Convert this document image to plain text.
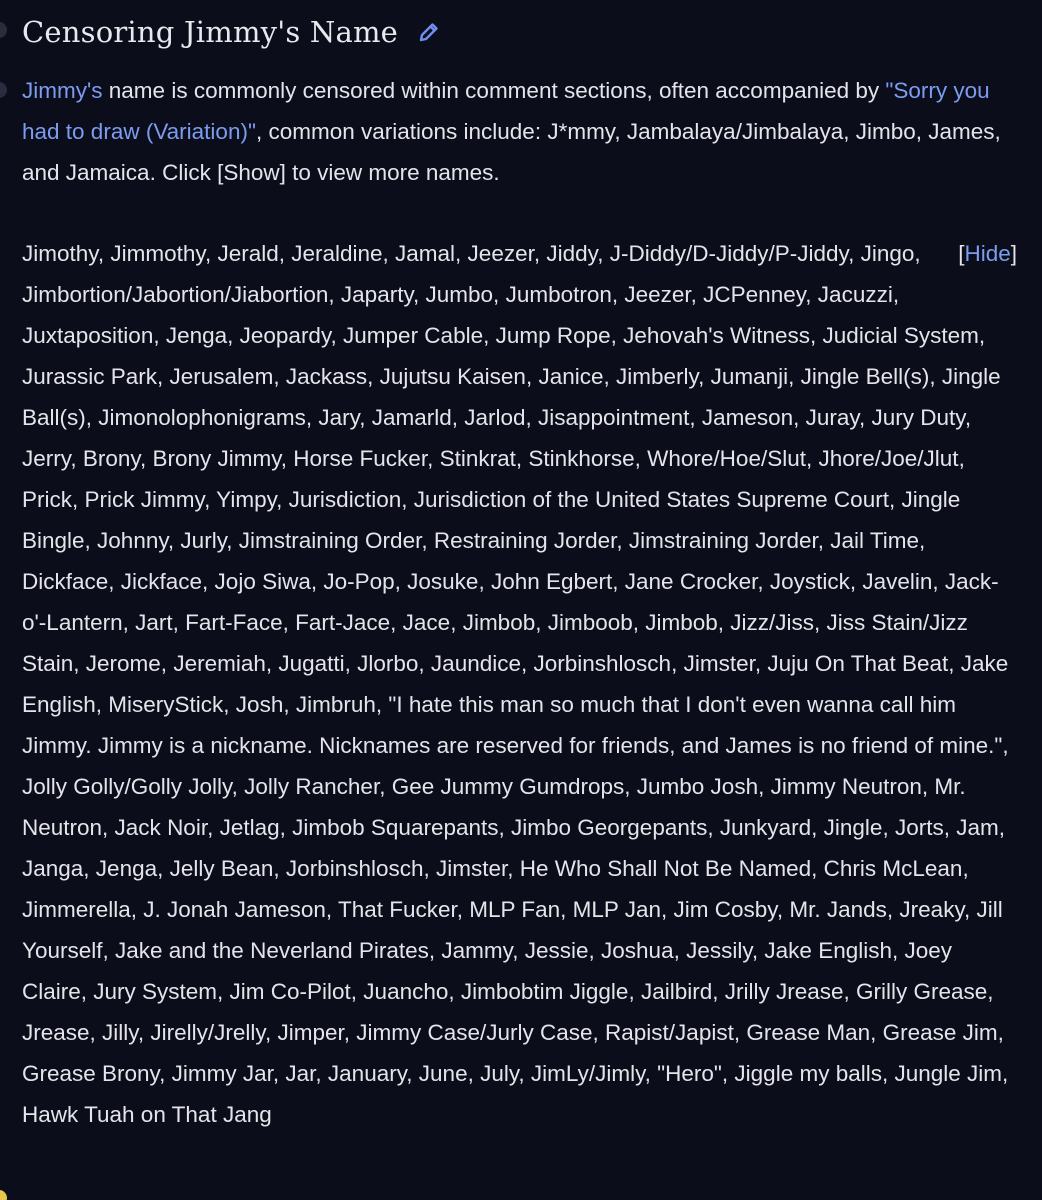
Censoring Jimmy's Name

Jimmy's name is commonly censored within comment sections, often accompanied by "Sorry you had to draw (Variation)", common variations include: J*mmy, Jambalaya/Jimbalaya, Jimbo, James, and Jamaica. Click [Show] to view more names.

[Hide]
Jimothy, Jimmothy, Jerald, Jeraldine, Jamal, Jeezer, Jiddy, J-Diddy/D-Jiddy/P-Jiddy, Jingo, Jimbortion/Jabortion/Jiabortion, Japarty, Jumbo, Jumbotron, Jeezer, JCPenney, Jacuzzi, Juxtaposition, Jenga, Jeopardy, Jumper Cable, Jump Rope, Jehovah's Witness, Judicial System, Jurassic Park, Jerusalem, Jackass, Jujutsu Kaisen, Janice, Jimberly, Jumanji, Jingle Bell(s), Jingle Ball(s), Jimonolophonigrams, Jary, Jamarld, Jarlod, Jisappointment, Jameson, Juray, Jury Duty, Jerry, Brony, Brony Jimmy, Horse Fucker, Stinkrat, Stinkhorse, Whore/Hoe/Slut, Jhore/Joe/Jlut, Prick, Prick Jimmy, Yimpy, Jurisdiction, Jurisdiction of the United States Supreme Court, Jingle Bingle, Johnny, Jurly, Jimstraining Order, Restraining Jorder, Jimstraining Jorder, Jail Time, Dickface, Jickface, Jojo Siwa, Jo-Pop, Josuke, John Egbert, Jane Crocker, Joystick, Javelin, Jack-o'-Lantern, Jart, Fart-Face, Fart-Jace, Jace, Jimbob, Jimboob, Jimbob, Jizz/Jiss, Jiss Stain/Jizz Stain, Jerome, Jeremiah, Jugatti, Jlorbo, Jaundice, Jorbinshlosch, Jimster, Juju On That Beat, Jake English, MiseryStick, Josh, Jimbruh, "I hate this man so much that I don't even wanna call him Jimmy. Jimmy is a nickname. Nicknames are reserved for friends, and James is no friend of mine.", Jolly Golly/Golly Jolly, Jolly Rancher, Gee Jummy Gumdrops, Jumbo Josh, Jimmy Neutron, Mr. Neutron, Jack Noir, Jetlag, Jimbob Squarepants, Jimbo Georgepants, Junkyard, Jingle, Jorts, Jam, Janga, Jenga, Jelly Bean, Jorbinshlosch, Jimster, He Who Shall Not Be Named, Chris McLean, Jimmerella, J. Jonah Jameson, That Fucker, MLP Fan, MLP Jan, Jim Cosby, Mr. Jands, Jreaky, Jill Yourself, Jake and the Neverland Pirates, Jammy, Jessie, Joshua, Jessily, Jake English, Joey Claire, Jury System, Jim Co-Pilot, Juancho, Jimbobtim Jiggle, Jailbird, Jrilly Jrease, Grilly Grease, Jrease, Jilly, Jirelly/Jrelly, Jimper, Jimmy Case/Jurly Case, Rapist/Japist, Grease Man, Grease Jim, Grease Brony, Jimmy Jar, Jar, January, June, July, JimLy/Jimly, "Hero", Jiggle my balls, Jungle Jim, Hawk Tuah on That Jang
